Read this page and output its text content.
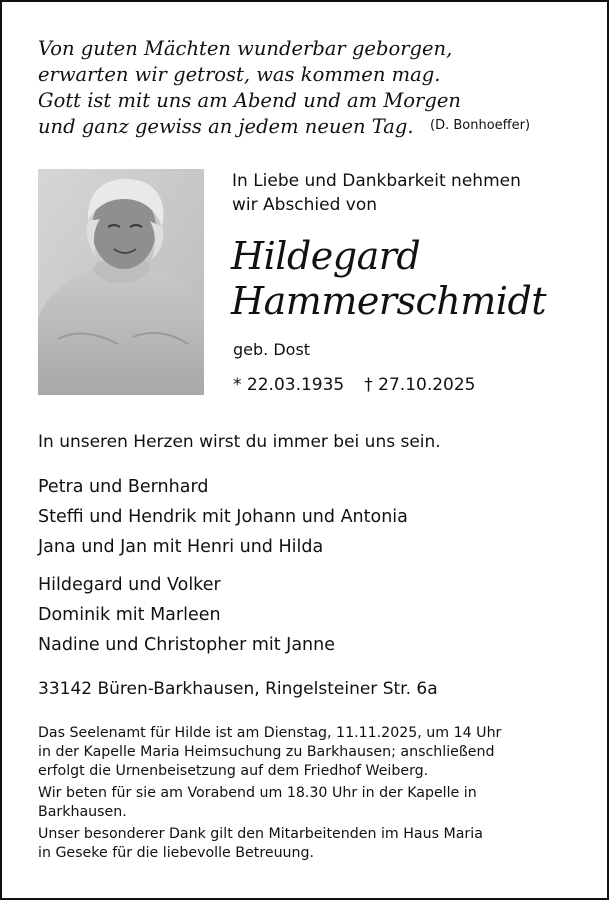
Von guten Mächten wunderbar geborgen,
erwarten wir getrost, was kommen mag.
Gott ist mit uns am Abend und am Morgen
und ganz gewiss an jedem neuen Tag.	(D. Bonhoeffer)
In Liebe und Dankbarkeit nehmen
wir Abschied von
Hildegard
Hammerschmidt
geb. Dost
* 22.03.1935 † 27.10.2025
In unseren Herzen wirst du immer bei uns sein.
Petra und Bernhard
Steffi und Hendrik mit Johann und Antonia
Jana und Jan mit Henri und Hilda
Hildegard und Volker
Dominik mit Marleen
Nadine und Christopher mit Janne
33142 Büren-Barkhausen, Ringelsteiner Str. 6a

Das Seelenamt für Hilde ist am Dienstag, 11.11.2025, um 14 Uhr
in der Kapelle Maria Heimsuchung zu Barkhausen; anschließend
erfolgt die Urnenbeisetzung auf dem Friedhof Weiberg.

Wir beten für sie am Vorabend um 18.30 Uhr in der Kapelle in
Barkhausen.

Unser besonderer Dank gilt den Mitarbeitenden im Haus Maria
in Geseke für die liebevolle Betreuung.
